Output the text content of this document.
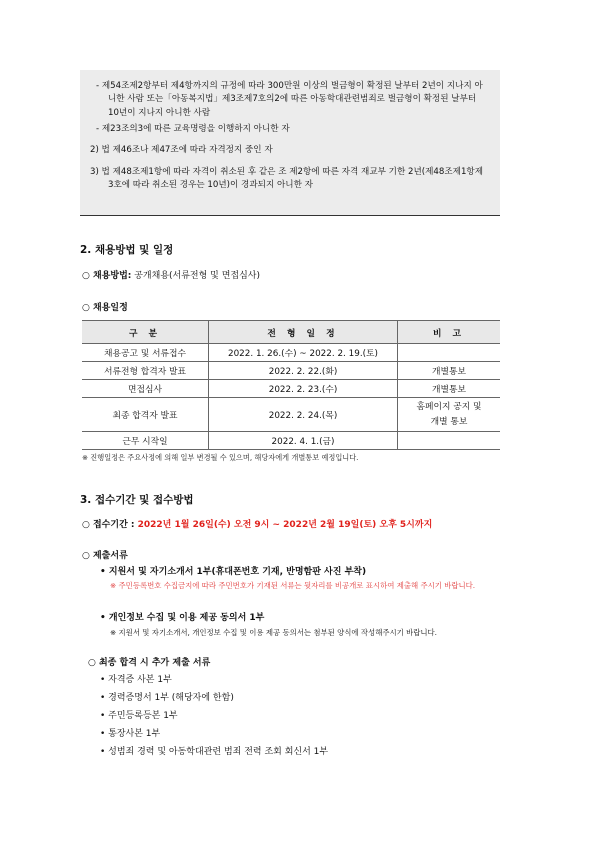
- 제54조제2항부터 제4항까지의 규정에 따라 300만원 이상의 벌금형이 확정된 날부터 2년이 지나지 아니한 사람 또는「아동복지법」제3조제7호의2에 따른 아동학대관련범죄로 벌금형이 확정된 날부터 10년이 지나지 아니한 사람
- 제23조의3에 따른 교육명령을 이행하지 아니한 자
2) 법 제46조나 제47조에 따라 자격정지 중인 자
3) 법 제48조제1항에 따라 자격이 취소된 후 같은 조 제2항에 따른 자격 재교부 기한 2년(제48조제1항제3호에 따라 취소된 경우는 10년)이 경과되지 아니한 자
2. 채용방법 및 일정
○ 채용방법: 공개채용(서류전형 및 면접심사)
○ 채용일정
구 분	전 형 일 정	비 고
채용공고 및 서류접수	2022. 1. 26.(수) ~ 2022. 2. 19.(토)	
서류전형 합격자 발표	2022. 2. 22.(화)	개별통보
면접심사	2022. 2. 23.(수)	개별통보
최종 합격자 발표	2022. 2. 24.(목)	홈페이지 공지 및
개별 통보
근무 시작일	2022. 4. 1.(금)	
※ 진행일정은 주요사정에 의해 일부 변경될 수 있으며, 해당자에게 개별통보 예정입니다.
3. 접수기간 및 접수방법
○ 접수기간 : 2022년 1월 26일(수) 오전 9시 ~ 2022년 2월 19일(토) 오후 5시까지
○ 제출서류
• 지원서 및 자기소개서 1부(휴대폰번호 기재, 반명함판 사진 부착)
※ 주민등록번호 수집금지에 따라 주민번호가 기재된 서류는 뒷자리를 비공개로 표시하여 제출해 주시기 바랍니다.
• 개인정보 수집 및 이용 제공 동의서 1부
※ 지원서 및 자기소개서, 개인정보 수집 및 이용 제공 동의서는 첨부된 양식에 작성해주시기 바랍니다.
○ 최종 합격 시 추가 제출 서류
• 자격증 사본 1부
• 경력증명서 1부 (해당자에 한함)
• 주민등록등본 1부
• 통장사본 1부
• 성범죄 경력 및 아동학대관련 범죄 전력 조회 회신서 1부
